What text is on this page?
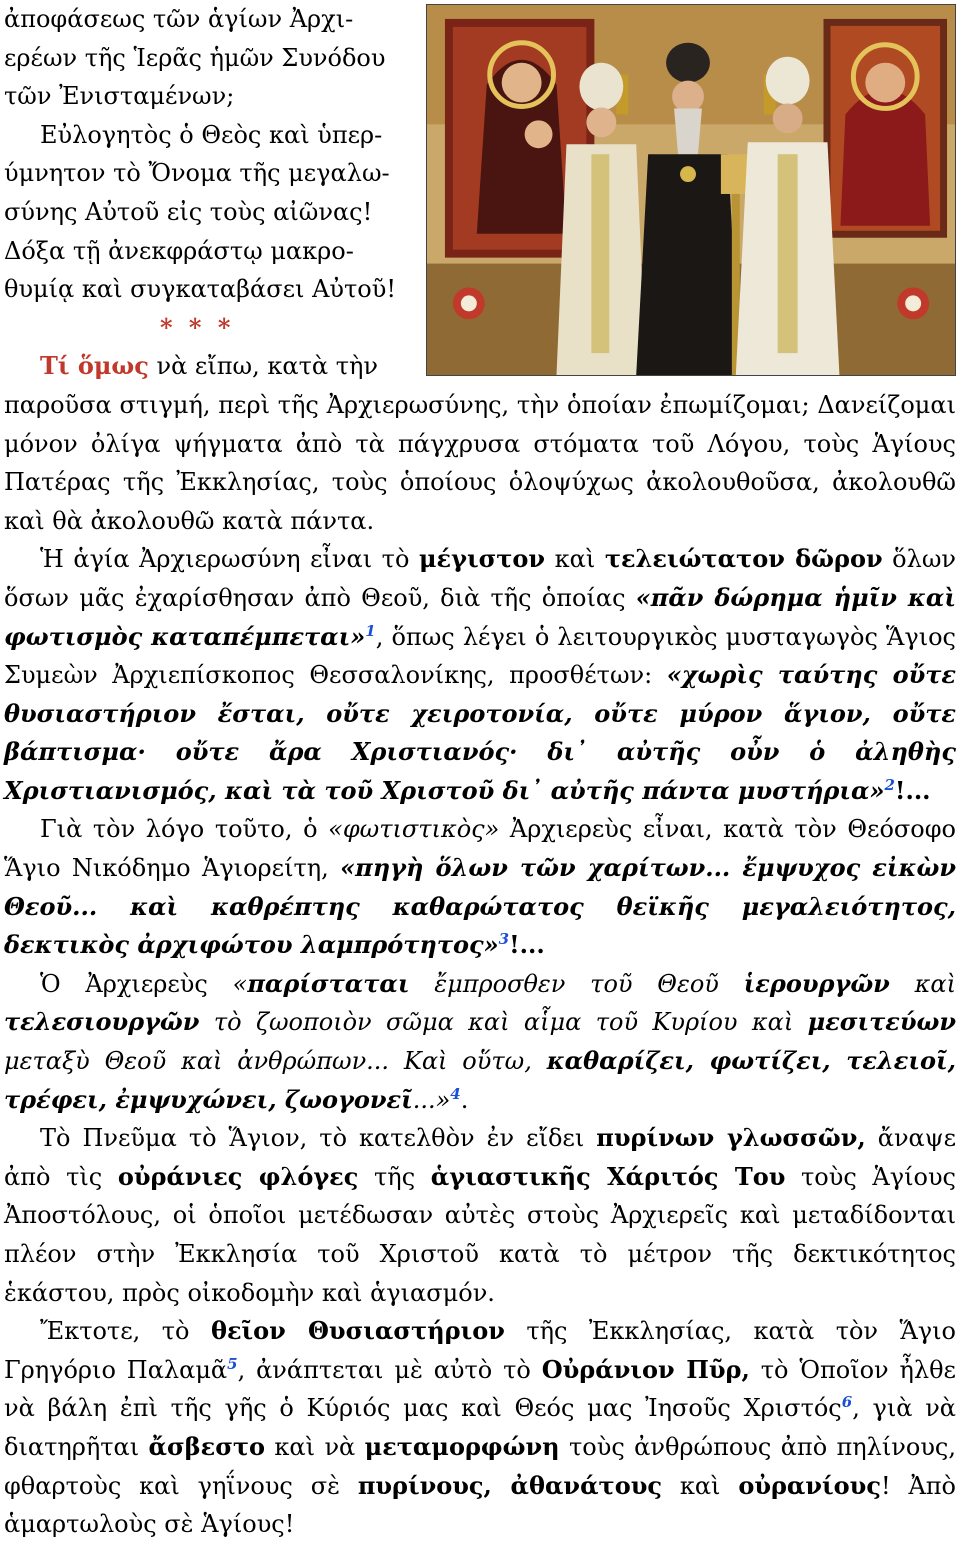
ἀποφάσεως τῶν ἁγίων Ἀρχι-
ερέων τῆς Ἱερᾶς ἡμῶν Συνόδου
τῶν Ἐνισταμένων;
Εὐλογητὸς ὁ Θεὸς καὶ ὑπερ-
ύμνητον τὸ Ὄνομα τῆς μεγαλω-
σύνης Αὐτοῦ εἰς τοὺς αἰῶνας!
Δόξα τῇ ἀνεκφράστῳ μακρο-
θυμίᾳ καὶ συγκαταβάσει Αὐτοῦ!
* * *
Τί ὅμως νὰ εἴπω, κατὰ τὴν
παροῦσα στιγμή, περὶ τῆς Ἀρχιερωσύνης, τὴν ὁποίαν ἐπωμίζομαι; Δανείζομαι
μόνον ὀλίγα ψήγματα ἀπὸ τὰ πάγχρυσα στόματα τοῦ Λόγου, τοὺς Ἁγίους
Πατέρας τῆς Ἐκκλησίας, τοὺς ὁποίους ὁλοψύχως ἀκολουθοῦσα, ἀκολουθῶ
καὶ θὰ ἀκολουθῶ κατὰ πάντα.

Ἡ ἁγία Ἀρχιερωσύνη εἶναι τὸ μέγιστον καὶ τελειώτατον δῶρον ὅλων ὅσων μᾶς ἐχαρίσθησαν ἀπὸ Θεοῦ, διὰ τῆς ὁποίας «πᾶν δώρημα ἡμῖν καὶ φωτισμὸς καταπέμπεται»$^1$, ὅπως λέγει ὁ λειτουργικὸς μυσταγωγὸς Ἅγιος Συμεὼν Ἀρχιεπίσκοπος Θεσσαλονίκης, προσθέτων: «χωρὶς ταύτης οὔτε θυσιαστήριον ἔσται, οὔτε χειροτονία, οὔτε μύρον ἅγιον, οὔτε βάπτισμα· οὔτε ἄρα Χριστιανός· δι᾽ αὐτῆς οὖν ὁ ἀληθὴς Χριστιανισμός, καὶ τὰ τοῦ Χριστοῦ δι᾽ αὐτῆς πάντα μυστήρια»$^2$!...

Γιὰ τὸν λόγο τοῦτο, ὁ «φωτιστικὸς» Ἀρχιερεὺς εἶναι, κατὰ τὸν Θεόσοφο Ἅγιο Νικόδημο Ἁγιορείτη, «πηγὴ ὅλων τῶν χαρίτων... ἔμψυχος εἰκὼν Θεοῦ... καὶ καθρέπτης καθαρώτατος θεϊκῆς μεγαλειότητος, δεκτικὸς ἀρχιφώτου λαμπρότητος»$^3$!...

Ὁ Ἀρχιερεὺς «παρίσταται ἔμπροσθεν τοῦ Θεοῦ ἱερουργῶν καὶ τελεσιουργῶν τὸ ζωοποιὸν σῶμα καὶ αἷμα τοῦ Κυρίου καὶ μεσιτεύων μεταξὺ Θεοῦ καὶ ἀνθρώπων... Καὶ οὕτω, καθαρίζει, φωτίζει, τελειοῖ, τρέφει, ἐμψυχώνει, ζωογονεῖ...»$^4$.

Τὸ Πνεῦμα τὸ Ἅγιον, τὸ κατελθὸν ἐν εἴδει πυρίνων γλωσσῶν, ἄναψε ἀπὸ τὶς οὐράνιες φλόγες τῆς ἁγιαστικῆς Χάριτός Του τοὺς Ἁγίους Ἀποστόλους, οἱ ὁποῖοι μετέδωσαν αὐτὲς στοὺς Ἀρχιερεῖς καὶ μεταδίδονται πλέον στὴν Ἐκκλησία τοῦ Χριστοῦ κατὰ τὸ μέτρον τῆς δεκτικότητος ἑκάστου, πρὸς οἰκοδομὴν καὶ ἁγιασμόν.

Ἔκτοτε, τὸ θεῖον Θυσιαστήριον τῆς Ἐκκλησίας, κατὰ τὸν Ἅγιο Γρηγόριο Παλαμᾶ$^5$, ἀνάπτεται μὲ αὐτὸ τὸ Οὐράνιον Πῦρ, τὸ Ὁποῖον ἦλθε νὰ βάλη ἐπὶ τῆς γῆς ὁ Κύριός μας καὶ Θεός μας Ἰησοῦς Χριστός$^6$, γιὰ νὰ διατηρῆται ἄσβεστο καὶ νὰ μεταμορφώνη τοὺς ἀνθρώπους ἀπὸ πηλίνους, φθαρτοὺς καὶ γηΐνους σὲ πυρίνους, ἀθανάτους καὶ οὐρανίους! Ἀπὸ ἁμαρτωλοὺς σὲ Ἁγίους!
